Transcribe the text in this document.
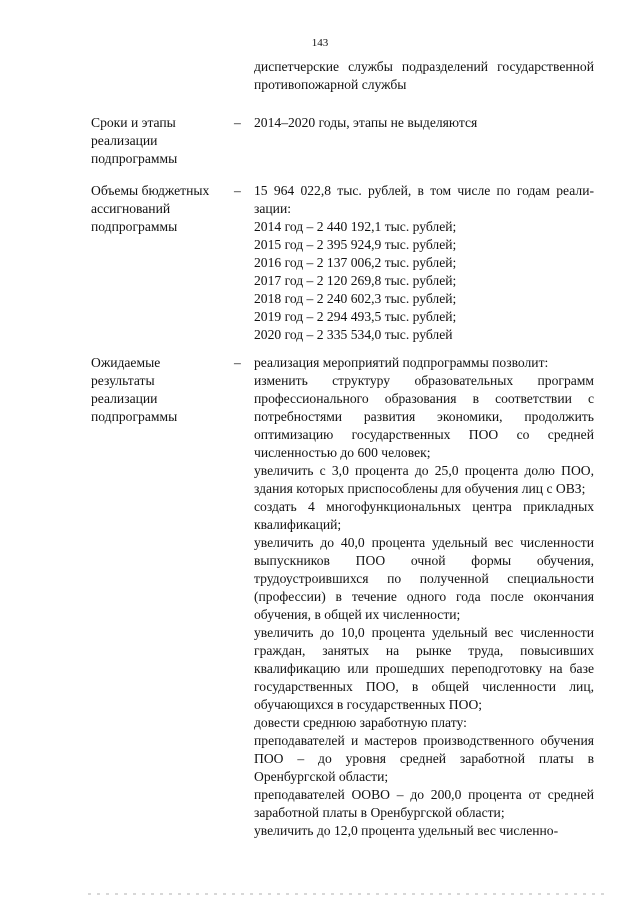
143
диспетчерские службы подразделений государственной противопожарной службы
Сроки и этапы
реализации
подпрограммы
– 2014–2020 годы, этапы не выделяются
Объемы бюджетных
ассигнований
подпрограммы
– 15 964 022,8 тыс. рублей, в том числе по годам реали-
зации:
2014 год – 2 440 192,1 тыс. рублей;
2015 год – 2 395 924,9 тыс. рублей;
2016 год – 2 137 006,2 тыс. рублей;
2017 год – 2 120 269,8 тыс. рублей;
2018 год – 2 240 602,3 тыс. рублей;
2019 год – 2 294 493,5 тыс. рублей;
2020 год – 2 335 534,0 тыс. рублей
Ожидаемые
результаты
реализации
подпрограммы
– реализация мероприятий подпрограммы позволит:
изменить структуру образовательных программ профессионального образования в соответствии с потребностями развития экономики, продолжить оптимизацию государственных ПОО со средней численностью до 600 человек;
увеличить с 3,0 процента до 25,0 процента долю ПОО, здания которых приспособлены для обучения лиц с ОВЗ;
создать 4 многофункциональных центра прикладных квалификаций;
увеличить до 40,0 процента удельный вес численности выпускников ПОО очной формы обучения, трудоустроившихся по полученной специальности (профессии) в течение одного года после окончания обучения, в общей их численности;
увеличить до 10,0 процента удельный вес численности граждан, занятых на рынке труда, повысивших квалификацию или прошедших переподготовку на базе государственных ПОО, в общей численности лиц, обучающихся в государственных ПОО;
довести среднюю заработную плату:
преподавателей и мастеров производственного обучения ПОО – до уровня средней заработной платы в Оренбургской области;
преподавателей ООВО – до 200,0 процента от средней заработной платы в Оренбургской области;
увеличить до 12,0 процента удельный вес численно-
